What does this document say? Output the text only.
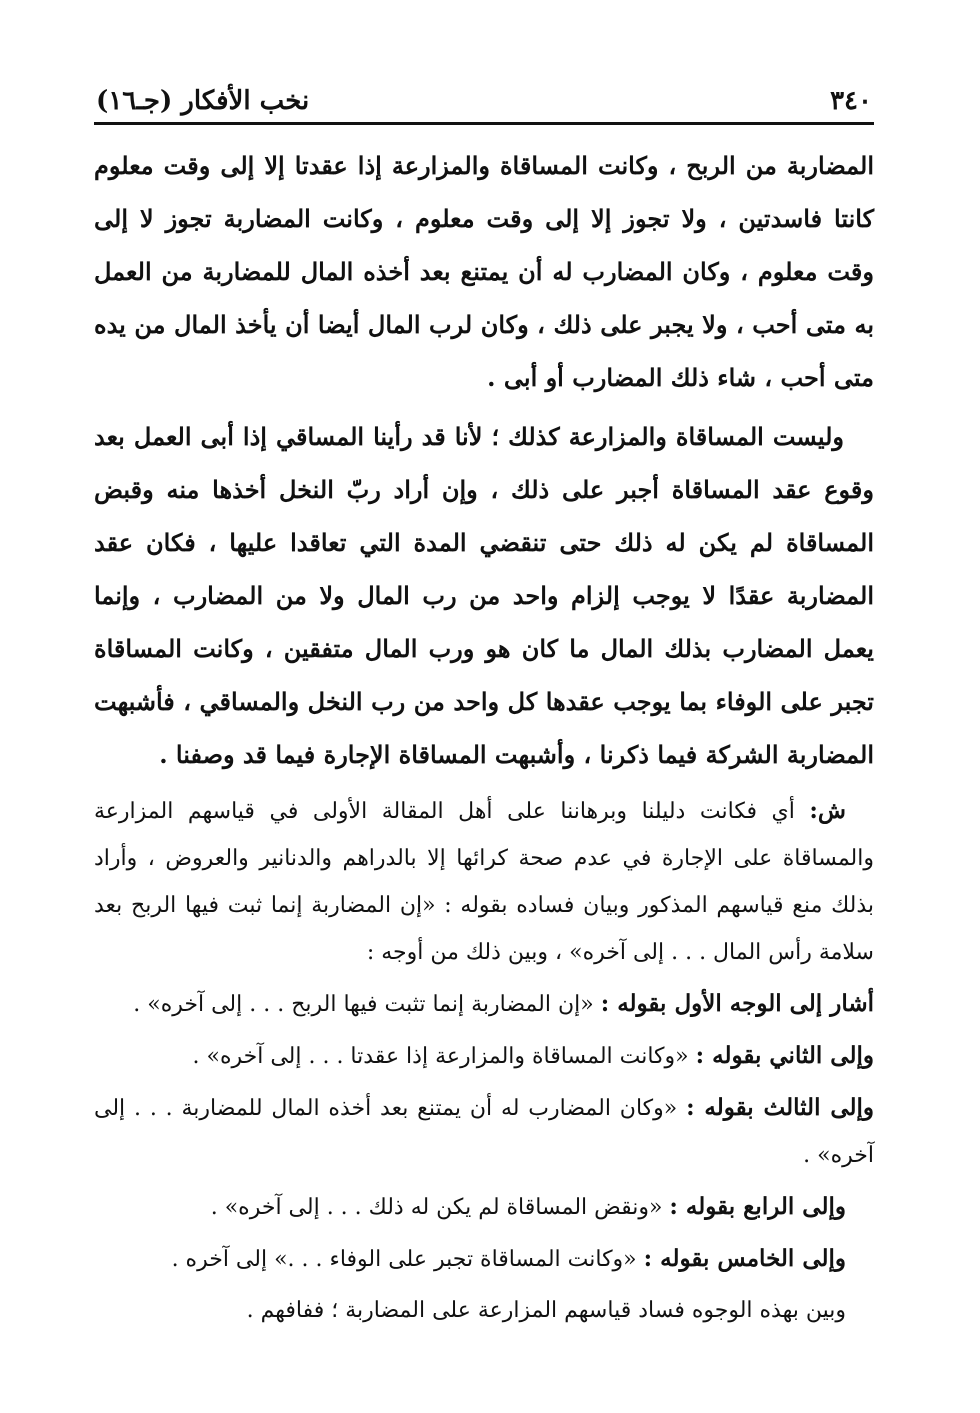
٣٤٠
نخب الأفكار (جـ١٦)

المضاربة من الربح ، وكانت المساقاة والمزارعة إذا عقدتا إلا إلى وقت معلوم كانتا فاسدتين ، ولا تجوز إلا إلى وقت معلوم ، وكانت المضاربة تجوز لا إلى وقت معلوم ، وكان المضارب له أن يمتنع بعد أخذه المال للمضاربة من العمل به متى أحب ، ولا يجبر على ذلك ، وكان لرب المال أيضا أن يأخذ المال من يده متى أحب ، شاء ذلك المضارب أو أبى .

وليست المساقاة والمزارعة كذلك ؛ لأنا قد رأينا المساقي إذا أبى العمل بعد وقوع عقد المساقاة أجبر على ذلك ، وإن أراد ربّ النخل أخذها منه وقبض المساقاة لم يكن له ذلك حتى تنقضي المدة التي تعاقدا عليها ، فكان عقد المضاربة عقدًا لا يوجب إلزام واحد من رب المال ولا من المضارب ، وإنما يعمل المضارب بذلك المال ما كان هو ورب المال متفقين ، وكانت المساقاة تجبر على الوفاء بما يوجب عقدها كل واحد من رب النخل والمساقي ، فأشبهت المضاربة الشركة فيما ذكرنا ، وأشبهت المساقاة الإجارة فيما قد وصفنا .

ش: أي فكانت دليلنا وبرهاننا على أهل المقالة الأولى في قياسهم المزارعة والمساقاة على الإجارة في عدم صحة كرائها إلا بالدراهم والدنانير والعروض ، وأراد بذلك منع قياسهم المذكور وبيان فساده بقوله : «إن المضاربة إنما ثبت فيها الربح بعد سلامة رأس المال . . . إلى آخره» ، وبين ذلك من أوجه :

أشار إلى الوجه الأول بقوله : «إن المضاربة إنما تثبت فيها الربح . . . إلى آخره» .

وإلى الثاني بقوله : «وكانت المساقاة والمزارعة إذا عقدتا . . . إلى آخره» .

وإلى الثالث بقوله : «وكان المضارب له أن يمتنع بعد أخذه المال للمضاربة . . . إلى آخره» .

وإلى الرابع بقوله : «ونقض المساقاة لم يكن له ذلك . . . إلى آخره» .

وإلى الخامس بقوله : «وكانت المساقاة تجبر على الوفاء . . .» إلى آخره .

وبين بهذه الوجوه فساد قياسهم المزارعة على المضاربة ؛ ففافهم .
